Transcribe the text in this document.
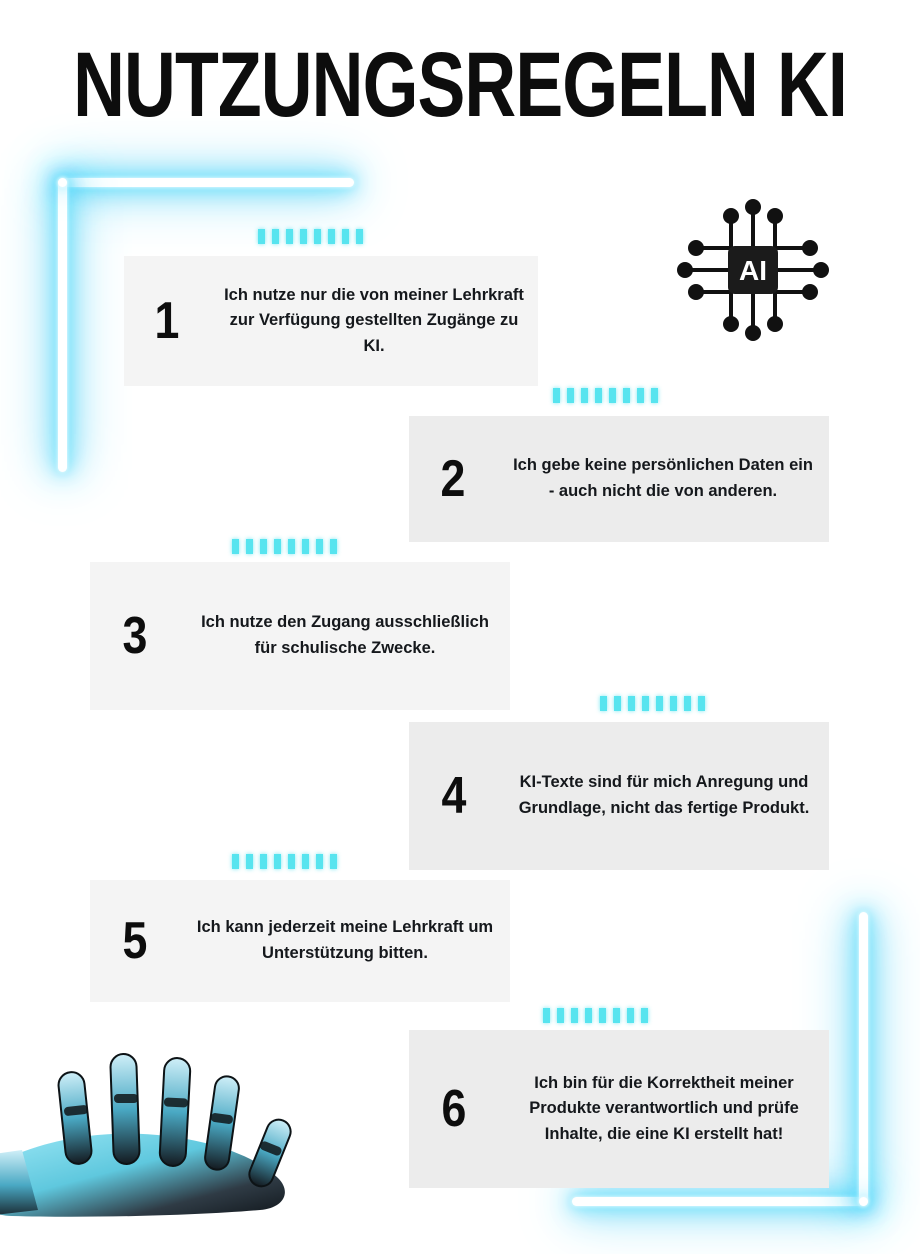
NUTZUNGSREGELN KI
AI
1	Ich nutze nur die von meiner Lehrkraft zur Verfügung gestellten Zugänge zu KI.
2	Ich gebe keine persönlichen Daten ein - auch nicht die von anderen.
3	Ich nutze den Zugang ausschließlich für schulische Zwecke.
4	KI-Texte sind für mich Anregung und Grundlage, nicht das fertige Produkt.
5	Ich kann jederzeit meine Lehrkraft um Unterstützung bitten.
6	Ich bin für die Korrektheit meiner Produkte verantwortlich und prüfe Inhalte, die eine KI erstellt hat!
